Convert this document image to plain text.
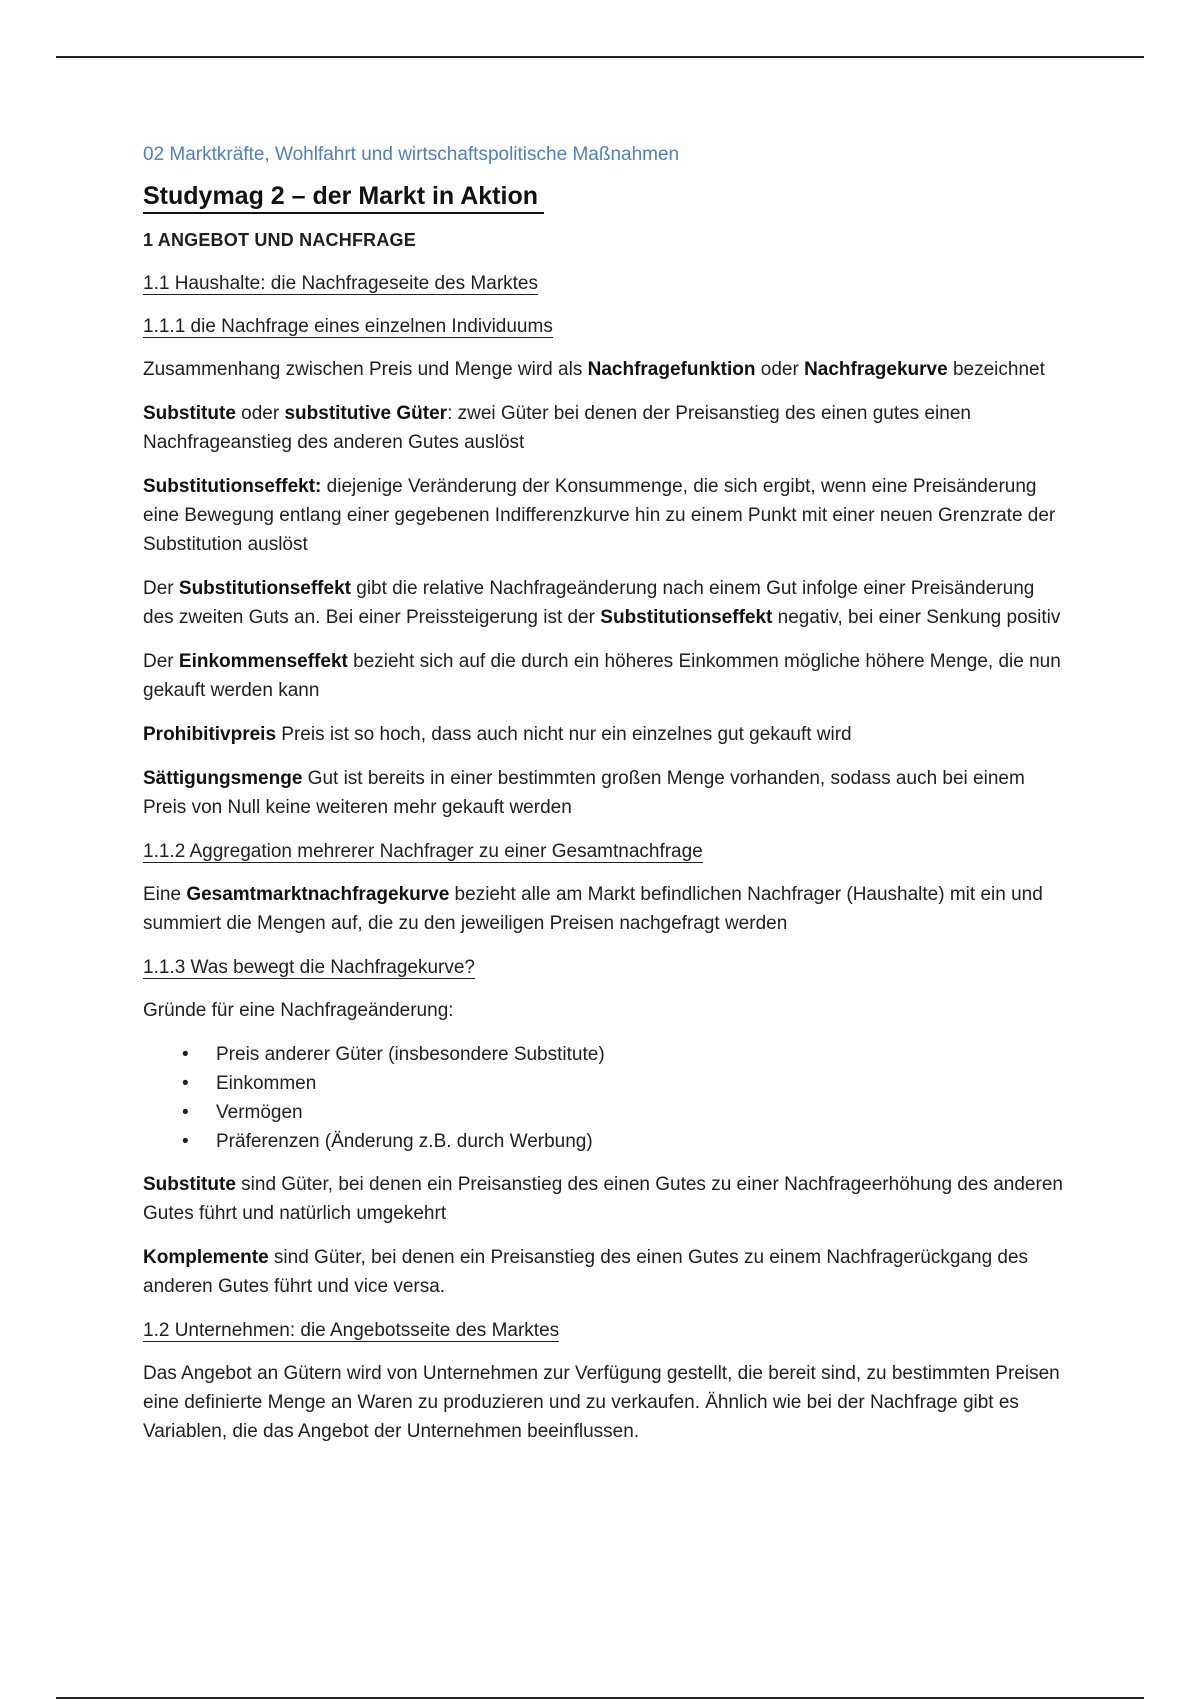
02 Marktkräfte, Wohlfahrt und wirtschaftspolitische Maßnahmen
Studymag 2 – der Markt in Aktion
1 ANGEBOT UND NACHFRAGE
1.1 Haushalte: die Nachfrageseite des Marktes
1.1.1 die Nachfrage eines einzelnen Individuums

Zusammenhang zwischen Preis und Menge wird als Nachfragefunktion oder Nachfragekurve bezeichnet

Substitute oder substitutive Güter: zwei Güter bei denen der Preisanstieg des einen gutes einen Nachfrageanstieg des anderen Gutes auslöst

Substitutionseffekt: diejenige Veränderung der Konsummenge, die sich ergibt, wenn eine Preisänderung eine Bewegung entlang einer gegebenen Indifferenzkurve hin zu einem Punkt mit einer neuen Grenzrate der Substitution auslöst

Der Substitutionseffekt gibt die relative Nachfrageänderung nach einem Gut infolge einer Preisänderung des zweiten Guts an. Bei einer Preissteigerung ist der Substitutionseffekt negativ, bei einer Senkung positiv

Der Einkommenseffekt bezieht sich auf die durch ein höheres Einkommen mögliche höhere Menge, die nun gekauft werden kann

Prohibitivpreis Preis ist so hoch, dass auch nicht nur ein einzelnes gut gekauft wird

Sättigungsmenge Gut ist bereits in einer bestimmten großen Menge vorhanden, sodass auch bei einem Preis von Null keine weiteren mehr gekauft werden

1.1.2 Aggregation mehrerer Nachfrager zu einer Gesamtnachfrage

Eine Gesamtmarktnachfragekurve bezieht alle am Markt befindlichen Nachfrager (Haushalte) mit ein und summiert die Mengen auf, die zu den jeweiligen Preisen nachgefragt werden

1.1.3 Was bewegt die Nachfragekurve?

Gründe für eine Nachfrageänderung:

• Preis anderer Güter (insbesondere Substitute)
• Einkommen
• Vermögen
• Präferenzen (Änderung z.B. durch Werbung)

Substitute sind Güter, bei denen ein Preisanstieg des einen Gutes zu einer Nachfrageerhöhung des anderen Gutes führt und natürlich umgekehrt

Komplemente sind Güter, bei denen ein Preisanstieg des einen Gutes zu einem Nachfragerückgang des anderen Gutes führt und vice versa.

1.2 Unternehmen: die Angebotsseite des Marktes

Das Angebot an Gütern wird von Unternehmen zur Verfügung gestellt, die bereit sind, zu bestimmten Preisen eine definierte Menge an Waren zu produzieren und zu verkaufen. Ähnlich wie bei der Nachfrage gibt es Variablen, die das Angebot der Unternehmen beeinflussen.
